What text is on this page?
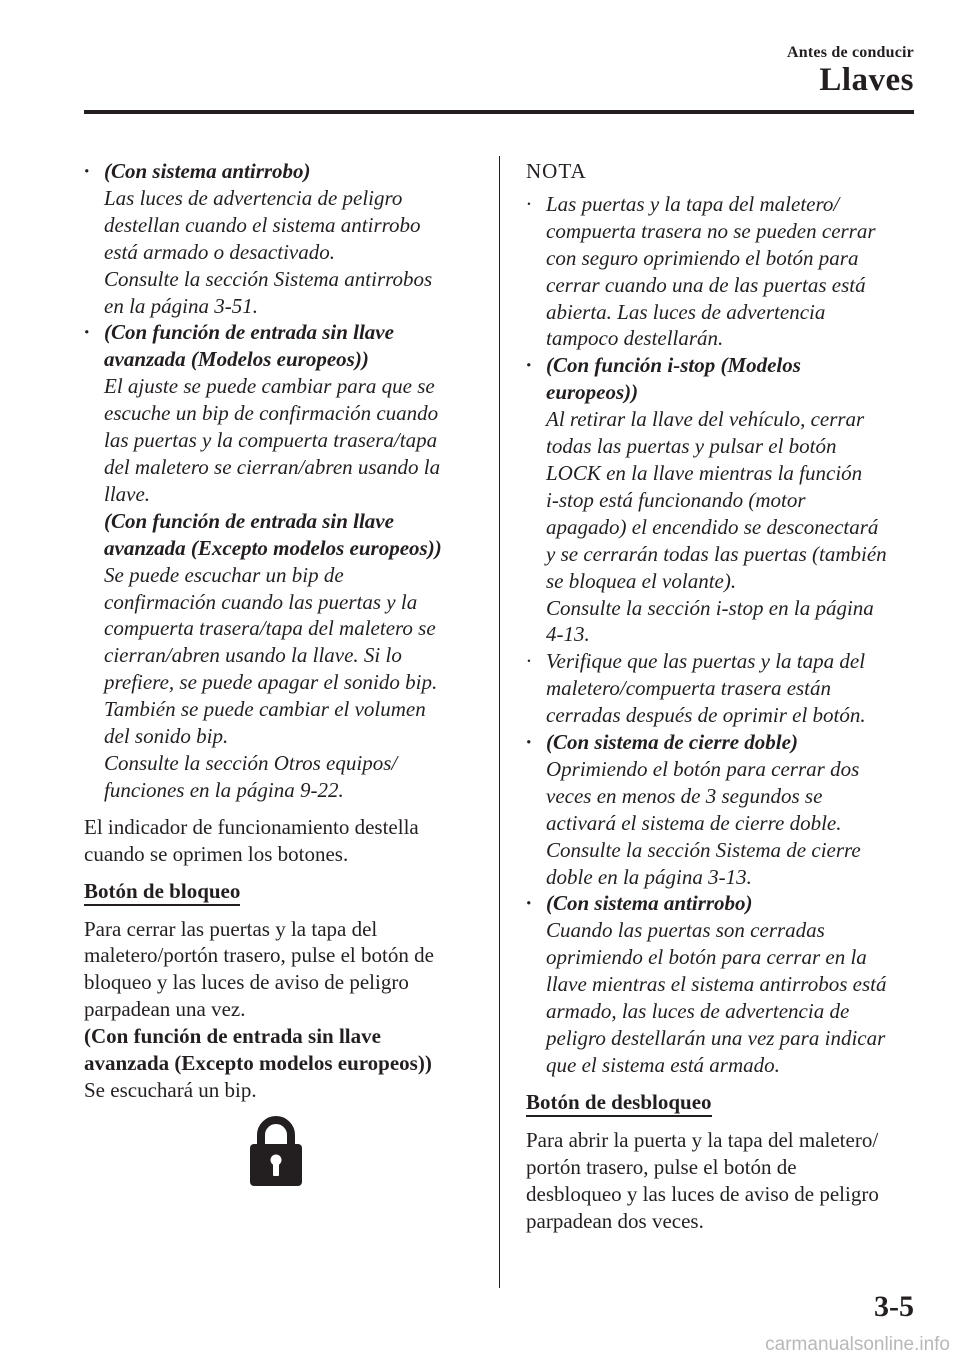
Antes de conducir
Llaves
· (Con sistema antirrobo)
Las luces de advertencia de peligro
destellan cuando el sistema antirrobo
está armado o desactivado.
Consulte la sección Sistema antirrobos
en la página 3-51.
· (Con función de entrada sin llave
avanzada (Modelos europeos))
El ajuste se puede cambiar para que se
escuche un bip de confirmación cuando
las puertas y la compuerta trasera/tapa
del maletero se cierran/abren usando la
llave.
(Con función de entrada sin llave
avanzada (Excepto modelos europeos))
Se puede escuchar un bip de
confirmación cuando las puertas y la
compuerta trasera/tapa del maletero se
cierran/abren usando la llave. Si lo
prefiere, se puede apagar el sonido bip.
También se puede cambiar el volumen
del sonido bip.
Consulte la sección Otros equipos/
funciones en la página 9-22.
El indicador de funcionamiento destella
cuando se oprimen los botones.
Botón de bloqueo
Para cerrar las puertas y la tapa del
maletero/portón trasero, pulse el botón de
bloqueo y las luces de aviso de peligro
parpadean una vez.
(Con función de entrada sin llave
avanzada (Excepto modelos europeos))
Se escuchará un bip.
NOTA
· Las puertas y la tapa del maletero/
compuerta trasera no se pueden cerrar
con seguro oprimiendo el botón para
cerrar cuando una de las puertas está
abierta. Las luces de advertencia
tampoco destellarán.
· (Con función i-stop (Modelos
europeos))
Al retirar la llave del vehículo, cerrar
todas las puertas y pulsar el botón
LOCK en la llave mientras la función
i-stop está funcionando (motor
apagado) el encendido se desconectará
y se cerrarán todas las puertas (también
se bloquea el volante).
Consulte la sección i-stop en la página
4-13.
· Verifique que las puertas y la tapa del
maletero/compuerta trasera están
cerradas después de oprimir el botón.
· (Con sistema de cierre doble)
Oprimiendo el botón para cerrar dos
veces en menos de 3 segundos se
activará el sistema de cierre doble.
Consulte la sección Sistema de cierre
doble en la página 3-13.
· (Con sistema antirrobo)
Cuando las puertas son cerradas
oprimiendo el botón para cerrar en la
llave mientras el sistema antirrobos está
armado, las luces de advertencia de
peligro destellarán una vez para indicar
que el sistema está armado.
Botón de desbloqueo
Para abrir la puerta y la tapa del maletero/
portón trasero, pulse el botón de
desbloqueo y las luces de aviso de peligro
parpadean dos veces.
3-5
carmanualsonline.info
